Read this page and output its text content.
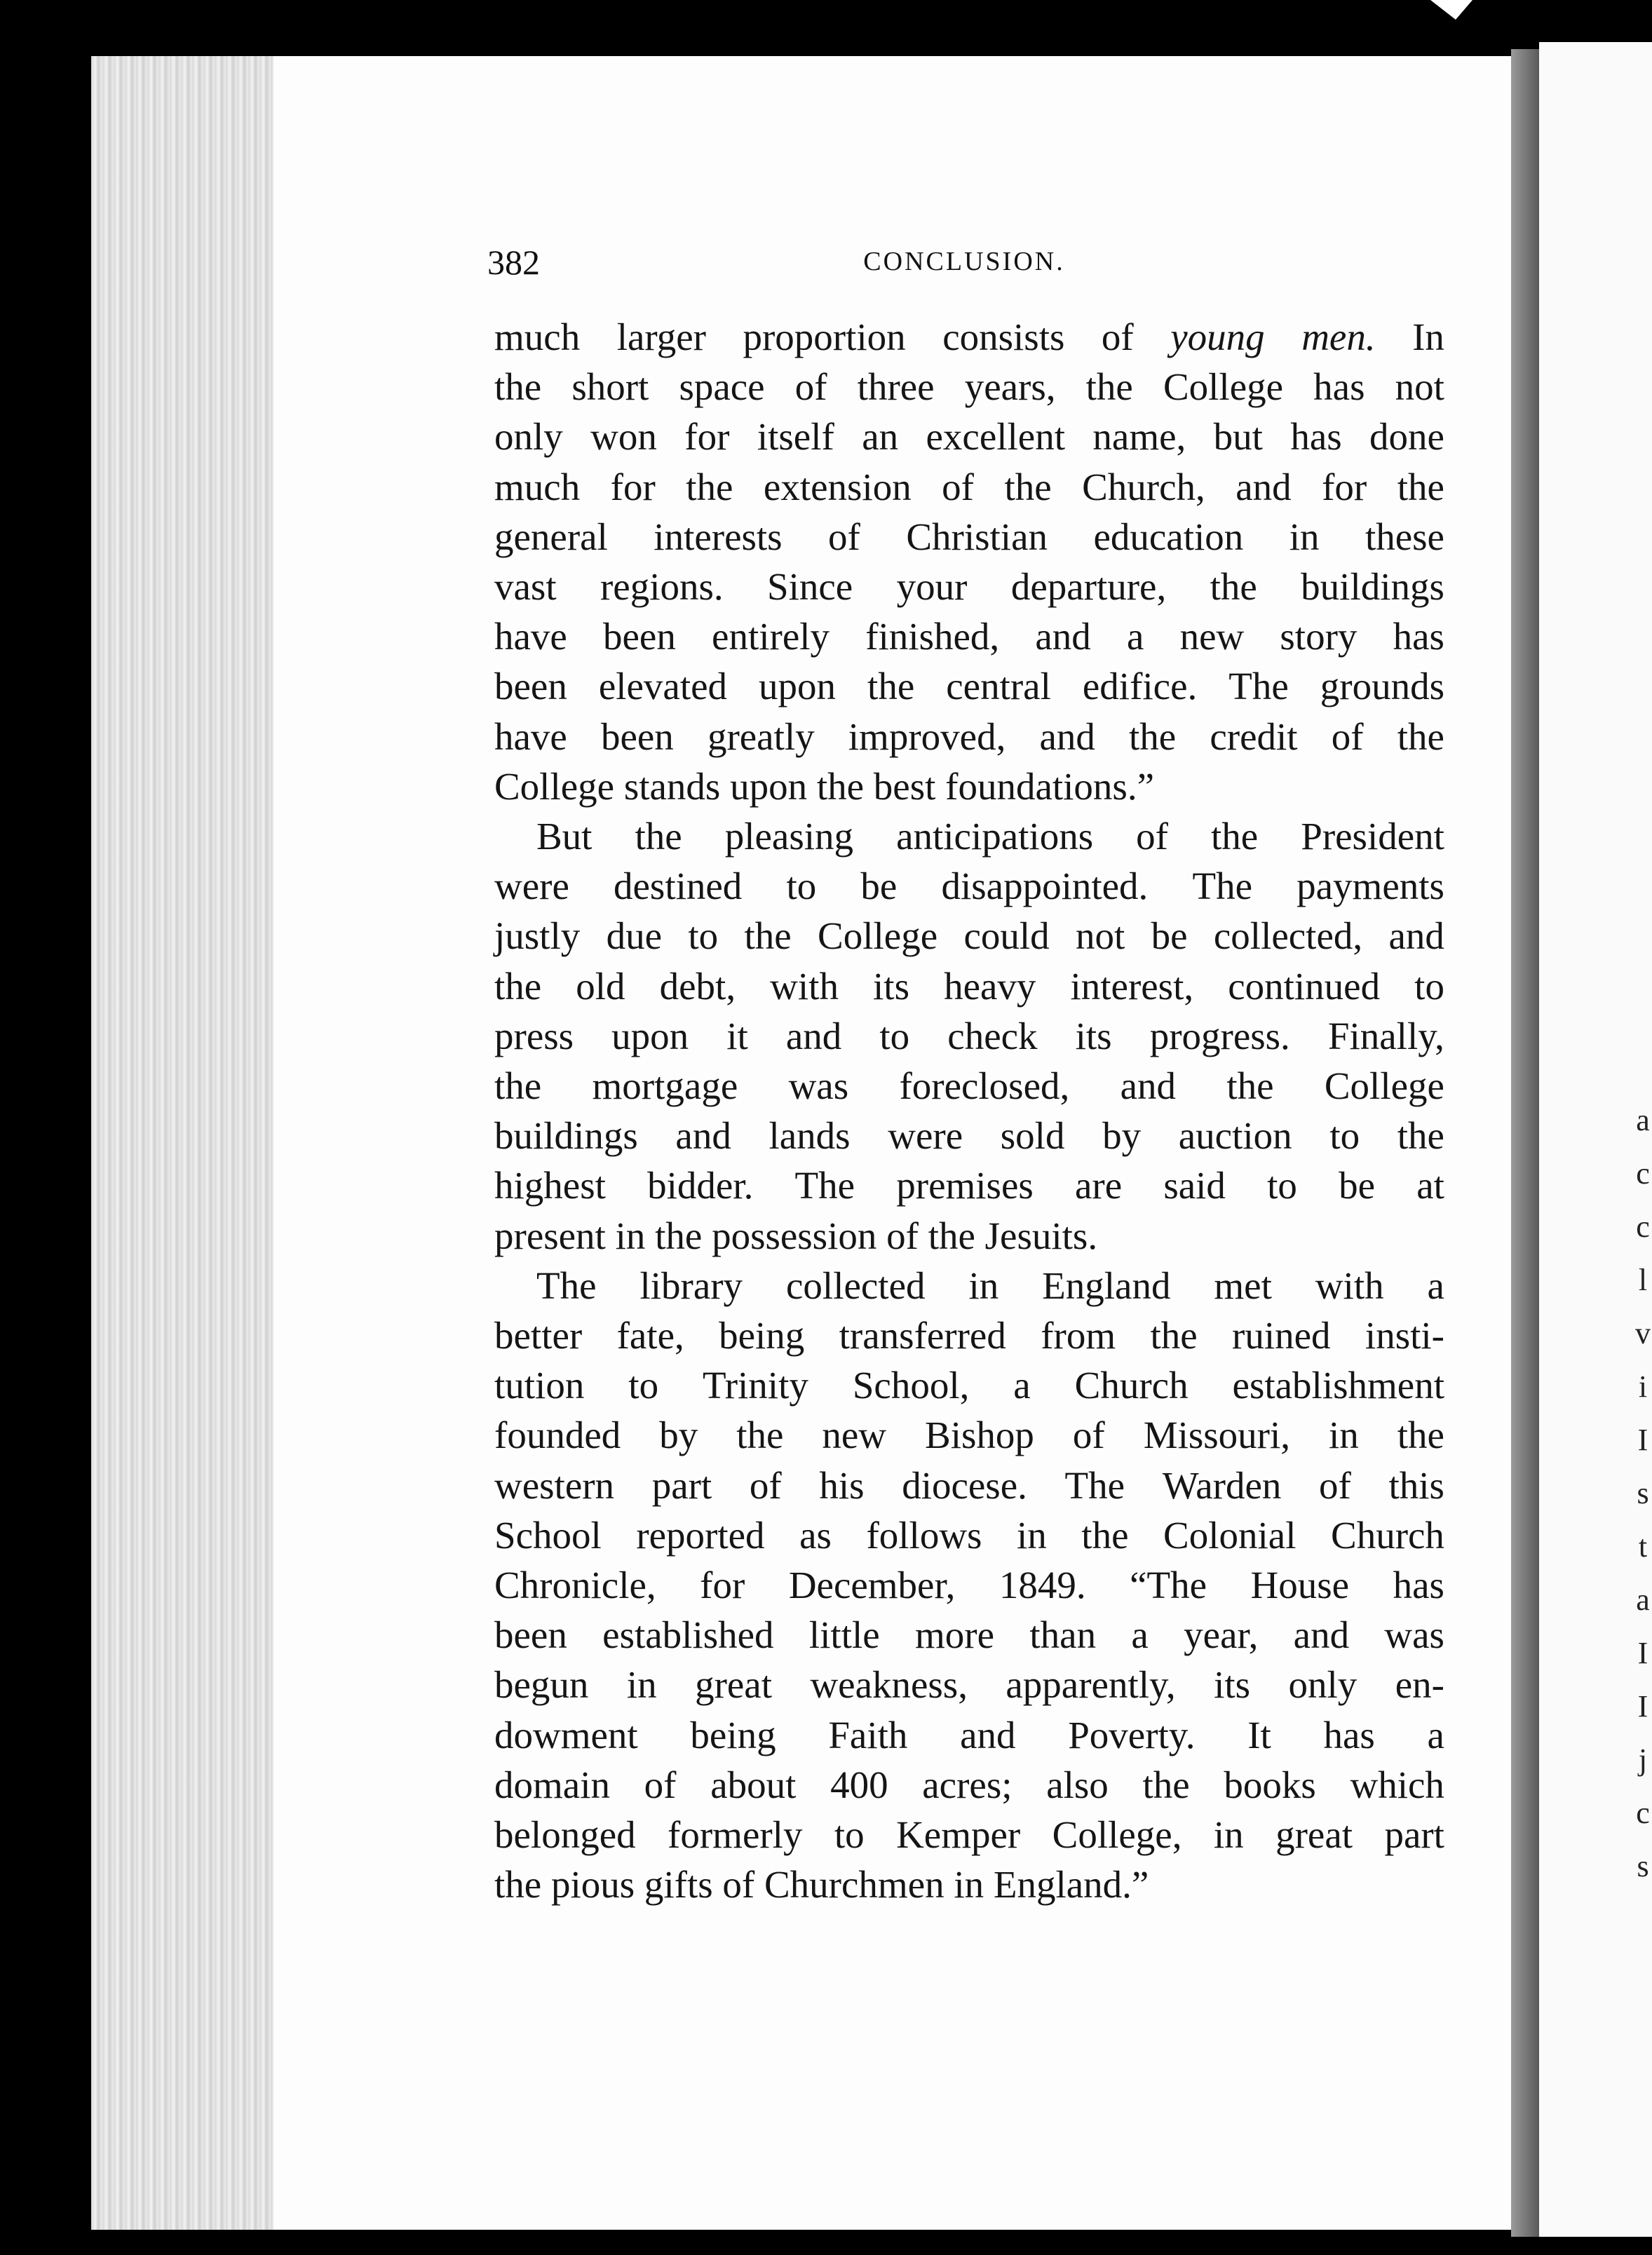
a
c
c
l
v
i
I
s
t
a
I
I
j
c
s
382	CONCLUSION.
much larger proportion consists of young men. In
the short space of three years, the College has not
only won for itself an excellent name, but has done
much for the extension of the Church, and for the
general interests of Christian education in these
vast regions. Since your departure, the buildings
have been entirely finished, and a new story has
been elevated upon the central edifice. The grounds
have been greatly improved, and the credit of the
College stands upon the best foundations.”
But the pleasing anticipations of the President
were destined to be disappointed. The payments
justly due to the College could not be collected, and
the old debt, with its heavy interest, continued to
press upon it and to check its progress. Finally,
the mortgage was foreclosed, and the College
buildings and lands were sold by auction to the
highest bidder. The premises are said to be at
present in the possession of the Jesuits.
The library collected in England met with a
better fate, being transferred from the ruined insti-
tution to Trinity School, a Church establishment
founded by the new Bishop of Missouri, in the
western part of his diocese. The Warden of this
School reported as follows in the Colonial Church
Chronicle, for December, 1849. “The House has
been established little more than a year, and was
begun in great weakness, apparently, its only en-
dowment being Faith and Poverty. It has a
domain of about 400 acres; also the books which
belonged formerly to Kemper College, in great part
the pious gifts of Churchmen in England.”
